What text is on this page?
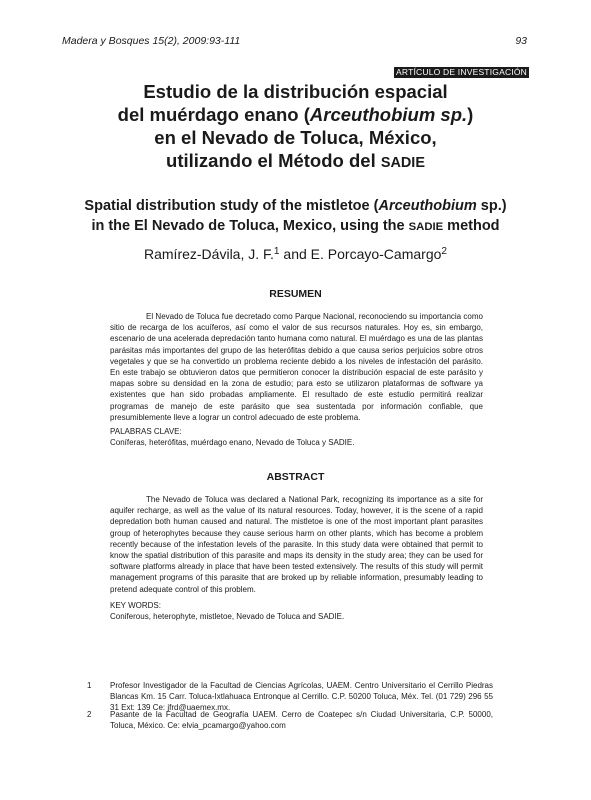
Madera y Bosques 15(2), 2009:93-111	93
ARTÍCULO DE INVESTIGACIÓN
Estudio de la distribución espacial
del muérdago enano (Arceuthobium sp.)
en el Nevado de Toluca, México,
utilizando el Método del SADIE
Spatial distribution study of the mistletoe (Arceuthobium sp.)
in the El Nevado de Toluca, Mexico, using the SADIE method
Ramírez-Dávila, J. F.$^1$ and E. Porcayo-Camargo$^2$
RESUMEN
El Nevado de Toluca fue decretado como Parque Nacional, reconociendo su importancia como sitio de recarga de los acuíferos, así como el valor de sus recursos naturales. Hoy es, sin embargo, escenario de una acelerada depredación tanto humana como natural. El muérdago es una de las plantas parásitas más importantes del grupo de las heterófitas debido a que causa serios perjuicios sobre otros vegetales y que se ha convertido un problema reciente debido a los niveles de infestación del parásito. En este trabajo se obtuvieron datos que permitieron conocer la distribución espacial de este parásito y mapas sobre su densidad en la zona de estudio; para esto se utilizaron plataformas de software ya existentes que han sido probadas ampliamente. El resultado de este estudio permitirá realizar programas de manejo de este parásito que sea sustentada por información confiable, que presumiblemente lleve a lograr un control adecuado de este problema.
PALABRAS CLAVE:
Coníferas, heterófitas, muérdago enano, Nevado de Toluca y SADIE.
ABSTRACT
The Nevado de Toluca was declared a National Park, recognizing its importance as a site for aquifer recharge, as well as the value of its natural resources. Today, however, it is the scene of a rapid depredation both human caused and natural. The mistletoe is one of the most important plant parasites group of heterophytes because they cause serious harm on other plants, which has become a problem recently because of the infestation levels of the parasite. In this study data were obtained that permit to know the spatial distribution of this parasite and maps its density in the study area; they can be used for software platforms already in place that have been tested extensively. The results of this study will permit management programs of this parasite that are broked up by reliable information, presumably leading to pretend adequate control of this problem.
KEY WORDS:
Coniferous, heterophyte, mistletoe, Nevado de Toluca and SADIE.
1 Profesor Investigador de la Facultad de Ciencias Agrícolas, UAEM. Centro Universitario el Cerrillo Piedras Blancas Km. 15 Carr. Toluca-Ixtlahuaca Entronque al Cerrillo. C.P. 50200 Toluca, Méx. Tel. (01 729) 296 55 31 Ext: 139 Ce: jfrd@uaemex.mx.
2 Pasante de la Facultad de Geografía UAEM. Cerro de Coatepec s/n Ciudad Universitaria, C.P. 50000, Toluca, México. Ce: elvia_pcamargo@yahoo.com
